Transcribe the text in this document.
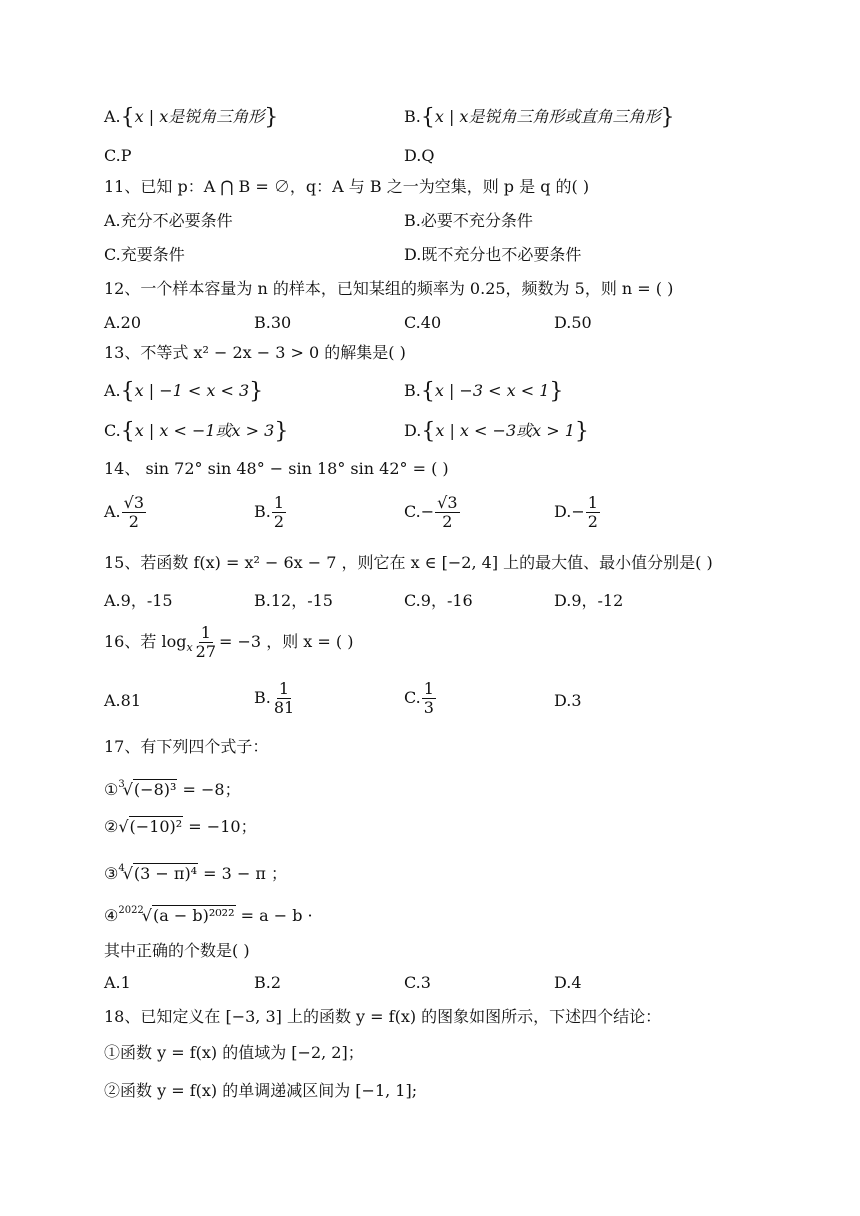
A.{x | x是锐角三角形}	B.{x | x是锐角三角形或直角三角形}
C.P	D.Q
11、已知 p：A ⋂ B = ∅，q：A 与 B 之一为空集，则 p 是 q 的( )
A.充分不必要条件	B.必要不充分条件
C.充要条件	D.既不充分也不必要条件
12、一个样本容量为 n 的样本，已知某组的频率为 0.25，频数为 5，则 n = ( )
A.20	B.30	C.40	D.50
13、不等式 x² − 2x − 3 > 0 的解集是( )
A.{x | −1 < x < 3}	B.{x | −3 < x < 1}
C.{x | x < −1或x > 3}	D.{x | x < −3或x > 1}
14、 sin 72° sin 48° − sin 18° sin 42° = ( )
A. $\frac{√3}{2}$	B. $\frac{1}{2}$	$C.- \frac{√3}{2}$	$D.- \frac{1}{2}$
15、若函数 f(x) = x² − 6x − 7 ，则它在 x ∈ [−2, 4] 上的最大值、最小值分别是( )
A.9，-15	B.12，-15	C.9，-16	D.9，-12
16、若 $\log_x \frac{1}{27} = -3$ ，则 x = ( )
A.81	B. $\frac{1}{81}$	C. $\frac{1}{3}$	D.3
17、有下列四个式子：
①$^3$√(−8)³ = −8；
②√(−10)² = −10；
③$^4$√(3 − π)⁴ = 3 − π ；
④$^{2022}$√(a − b)²⁰²² = a − b ·
其中正确的个数是( )
A.1	B.2	C.3	D.4
18、已知定义在 [−3, 3] 上的函数 y = f(x) 的图象如图所示，下述四个结论：
①函数 y = f(x) 的值域为 [−2, 2]；
②函数 y = f(x) 的单调递减区间为 [−1, 1];
